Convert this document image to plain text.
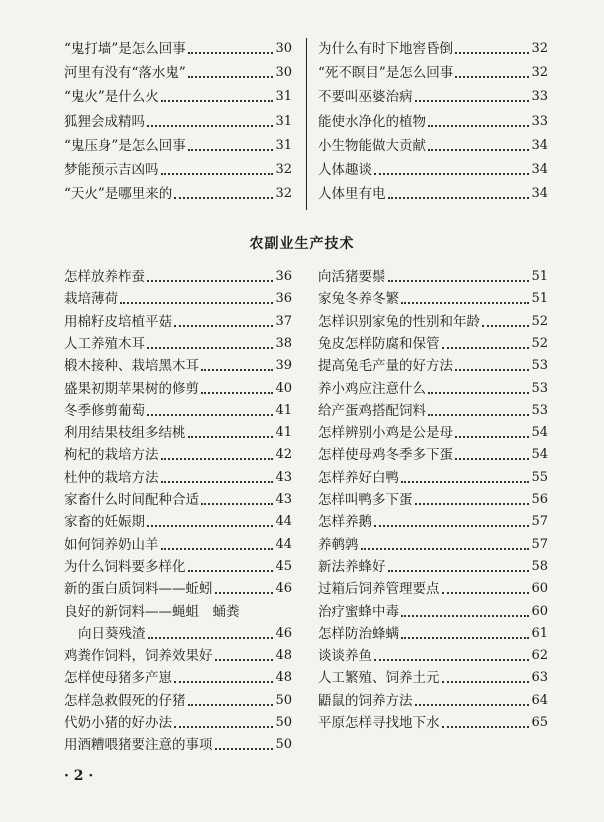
“鬼打墙”是怎么回事	30
河里有没有“落水鬼”	30
“鬼火”是什么火	31
狐狸会成精吗	31
“鬼压身”是怎么回事	31
梦能预示吉凶吗	32
“天火”是哪里来的	32
为什么有时下地窖昏倒	32
“死不瞑目”是怎么回事	32
不要叫巫婆治病	33
能使水净化的植物	33
小生物能做大贡献	34
人体趣谈	34
人体里有电	34
农副业生产技术
怎样放养柞蚕	36
栽培薄荷	36
用棉籽皮培植平菇	37
人工养殖木耳	38
椴木接种、栽培黑木耳	39
盛果初期苹果树的修剪	40
冬季修剪葡萄	41
利用结果枝组多结桃	41
枸杞的栽培方法	42
杜仲的栽培方法	43
家畜什么时间配种合适	43
家畜的妊娠期	44
如何饲养奶山羊	44
为什么饲料要多样化	45
新的蛋白质饲料——蚯蚓	46
良好的新饲料——蝇蛆　蛹粪
向日葵残渣	46
鸡粪作饲料，饲养效果好	48
怎样使母猪多产崽	48
怎样急救假死的仔猪	50
代奶小猪的好办法	50
用酒糟喂猪要注意的事项	50
向活猪要鬃	51
家兔冬养冬繁	51
怎样识别家兔的性别和年龄	52
兔皮怎样防腐和保管	52
提高兔毛产量的好方法	53
养小鸡应注意什么	53
给产蛋鸡搭配饲料	53
怎样辨别小鸡是公是母	54
怎样使母鸡冬季多下蛋	54
怎样养好白鸭	55
怎样叫鸭多下蛋	56
怎样养鹅	57
养鹌鹑	57
新法养蜂好	58
过箱后饲养管理要点	60
治疗蜜蜂中毒	60
怎样防治蜂螨	61
谈谈养鱼	62
人工繁殖、饲养土元	63
鼯鼠的饲养方法	64
平原怎样寻找地下水	65
· 2 ·
